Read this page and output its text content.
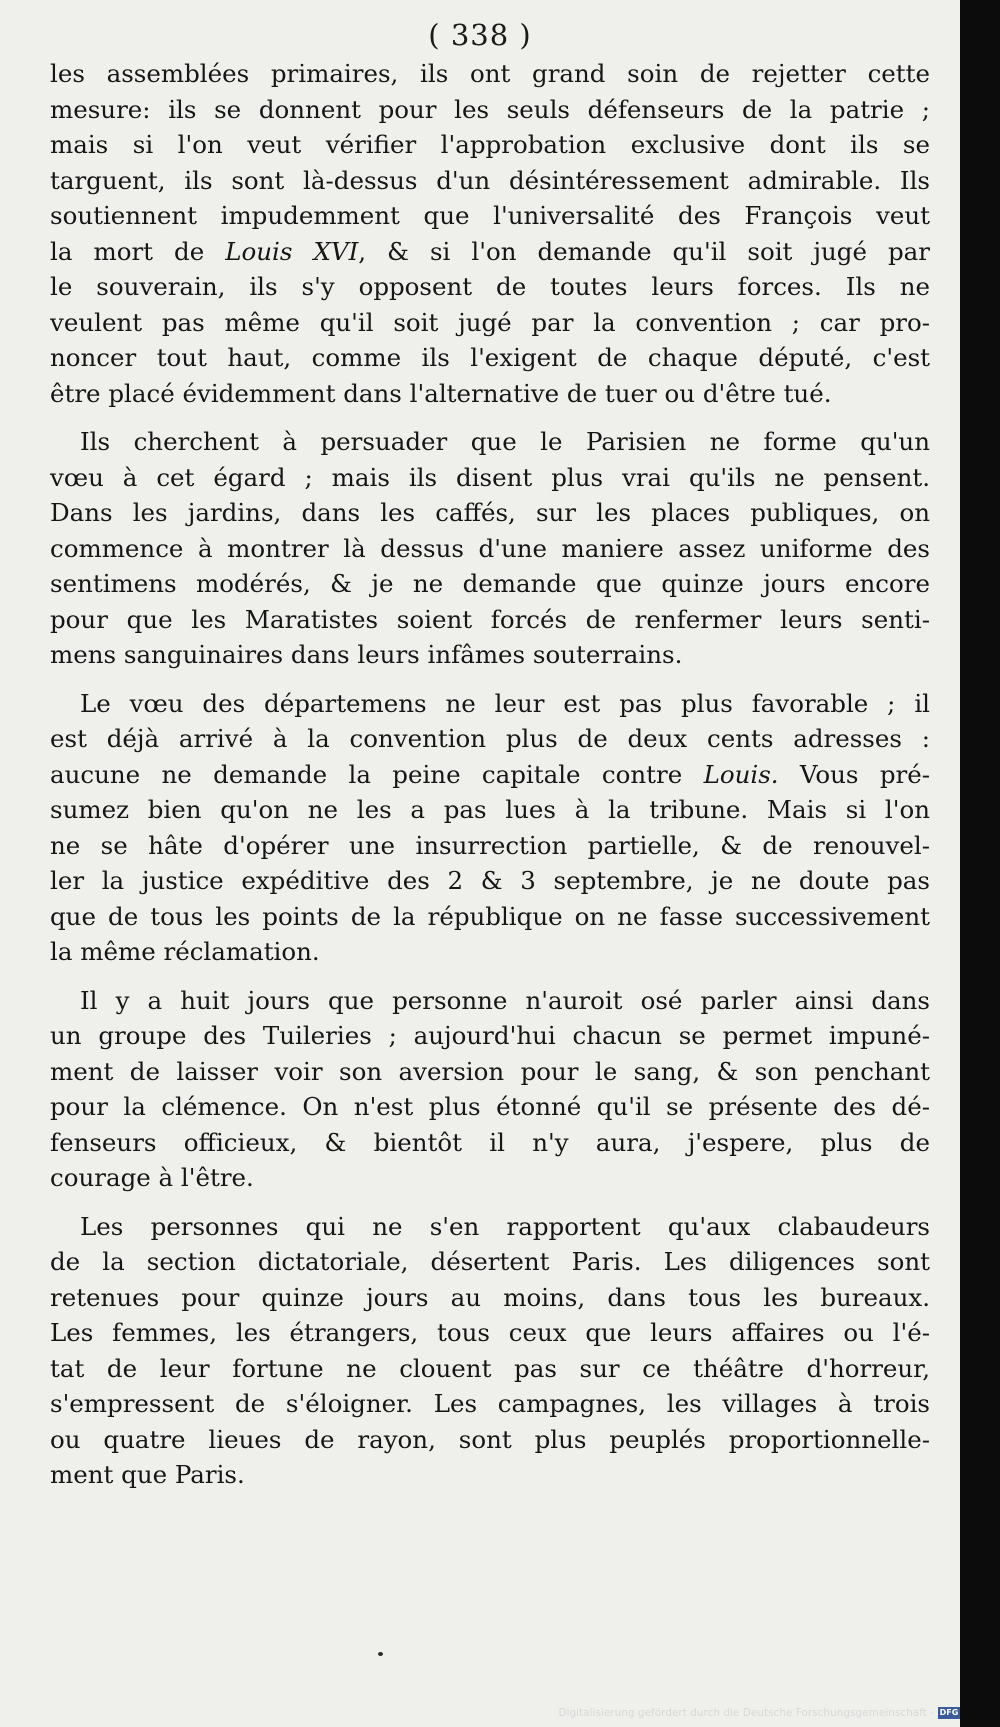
( 338 )
les assemblées primaires, ils ont grand soin de rejetter cette
mesure: ils se donnent pour les seuls défenseurs de la patrie ;
mais si l'on veut vérifier l'approbation exclusive dont ils se
targuent, ils sont là-dessus d'un désintéressement admirable. Ils
soutiennent impudemment que l'universalité des François veut
la mort de Louis XVI, & si l'on demande qu'il soit jugé par
le souverain, ils s'y opposent de toutes leurs forces. Ils ne
veulent pas même qu'il soit jugé par la convention ; car pro-
noncer tout haut, comme ils l'exigent de chaque député, c'est
être placé évidemment dans l'alternative de tuer ou d'être tué.
Ils cherchent à persuader que le Parisien ne forme qu'un
vœu à cet égard ; mais ils disent plus vrai qu'ils ne pensent.
Dans les jardins, dans les caffés, sur les places publiques, on
commence à montrer là dessus d'une maniere assez uniforme des
sentimens modérés, & je ne demande que quinze jours encore
pour que les Maratistes soient forcés de renfermer leurs senti-
mens sanguinaires dans leurs infâmes souterrains.
Le vœu des départemens ne leur est pas plus favorable ; il
est déjà arrivé à la convention plus de deux cents adresses :
aucune ne demande la peine capitale contre Louis. Vous pré-
sumez bien qu'on ne les a pas lues à la tribune. Mais si l'on
ne se hâte d'opérer une insurrection partielle, & de renouvel-
ler la justice expéditive des 2 & 3 septembre, je ne doute pas
que de tous les points de la république on ne fasse successivement
la même réclamation.
Il y a huit jours que personne n'auroit osé parler ainsi dans
un groupe des Tuileries ; aujourd'hui chacun se permet impuné-
ment de laisser voir son aversion pour le sang, & son penchant
pour la clémence. On n'est plus étonné qu'il se présente des dé-
fenseurs officieux, & bientôt il n'y aura, j'espere, plus de
courage à l'être.
Les personnes qui ne s'en rapportent qu'aux clabaudeurs
de la section dictatoriale, désertent Paris. Les diligences sont
retenues pour quinze jours au moins, dans tous les bureaux.
Les femmes, les étrangers, tous ceux que leurs affaires ou l'é-
tat de leur fortune ne clouent pas sur ce théâtre d'horreur,
s'empressent de s'éloigner. Les campagnes, les villages à trois
ou quatre lieues de rayon, sont plus peuplés proportionnelle-
ment que Paris.
Digitalisierung gefördert durch die Deutsche Forschungsgemeinschaft - DFG
